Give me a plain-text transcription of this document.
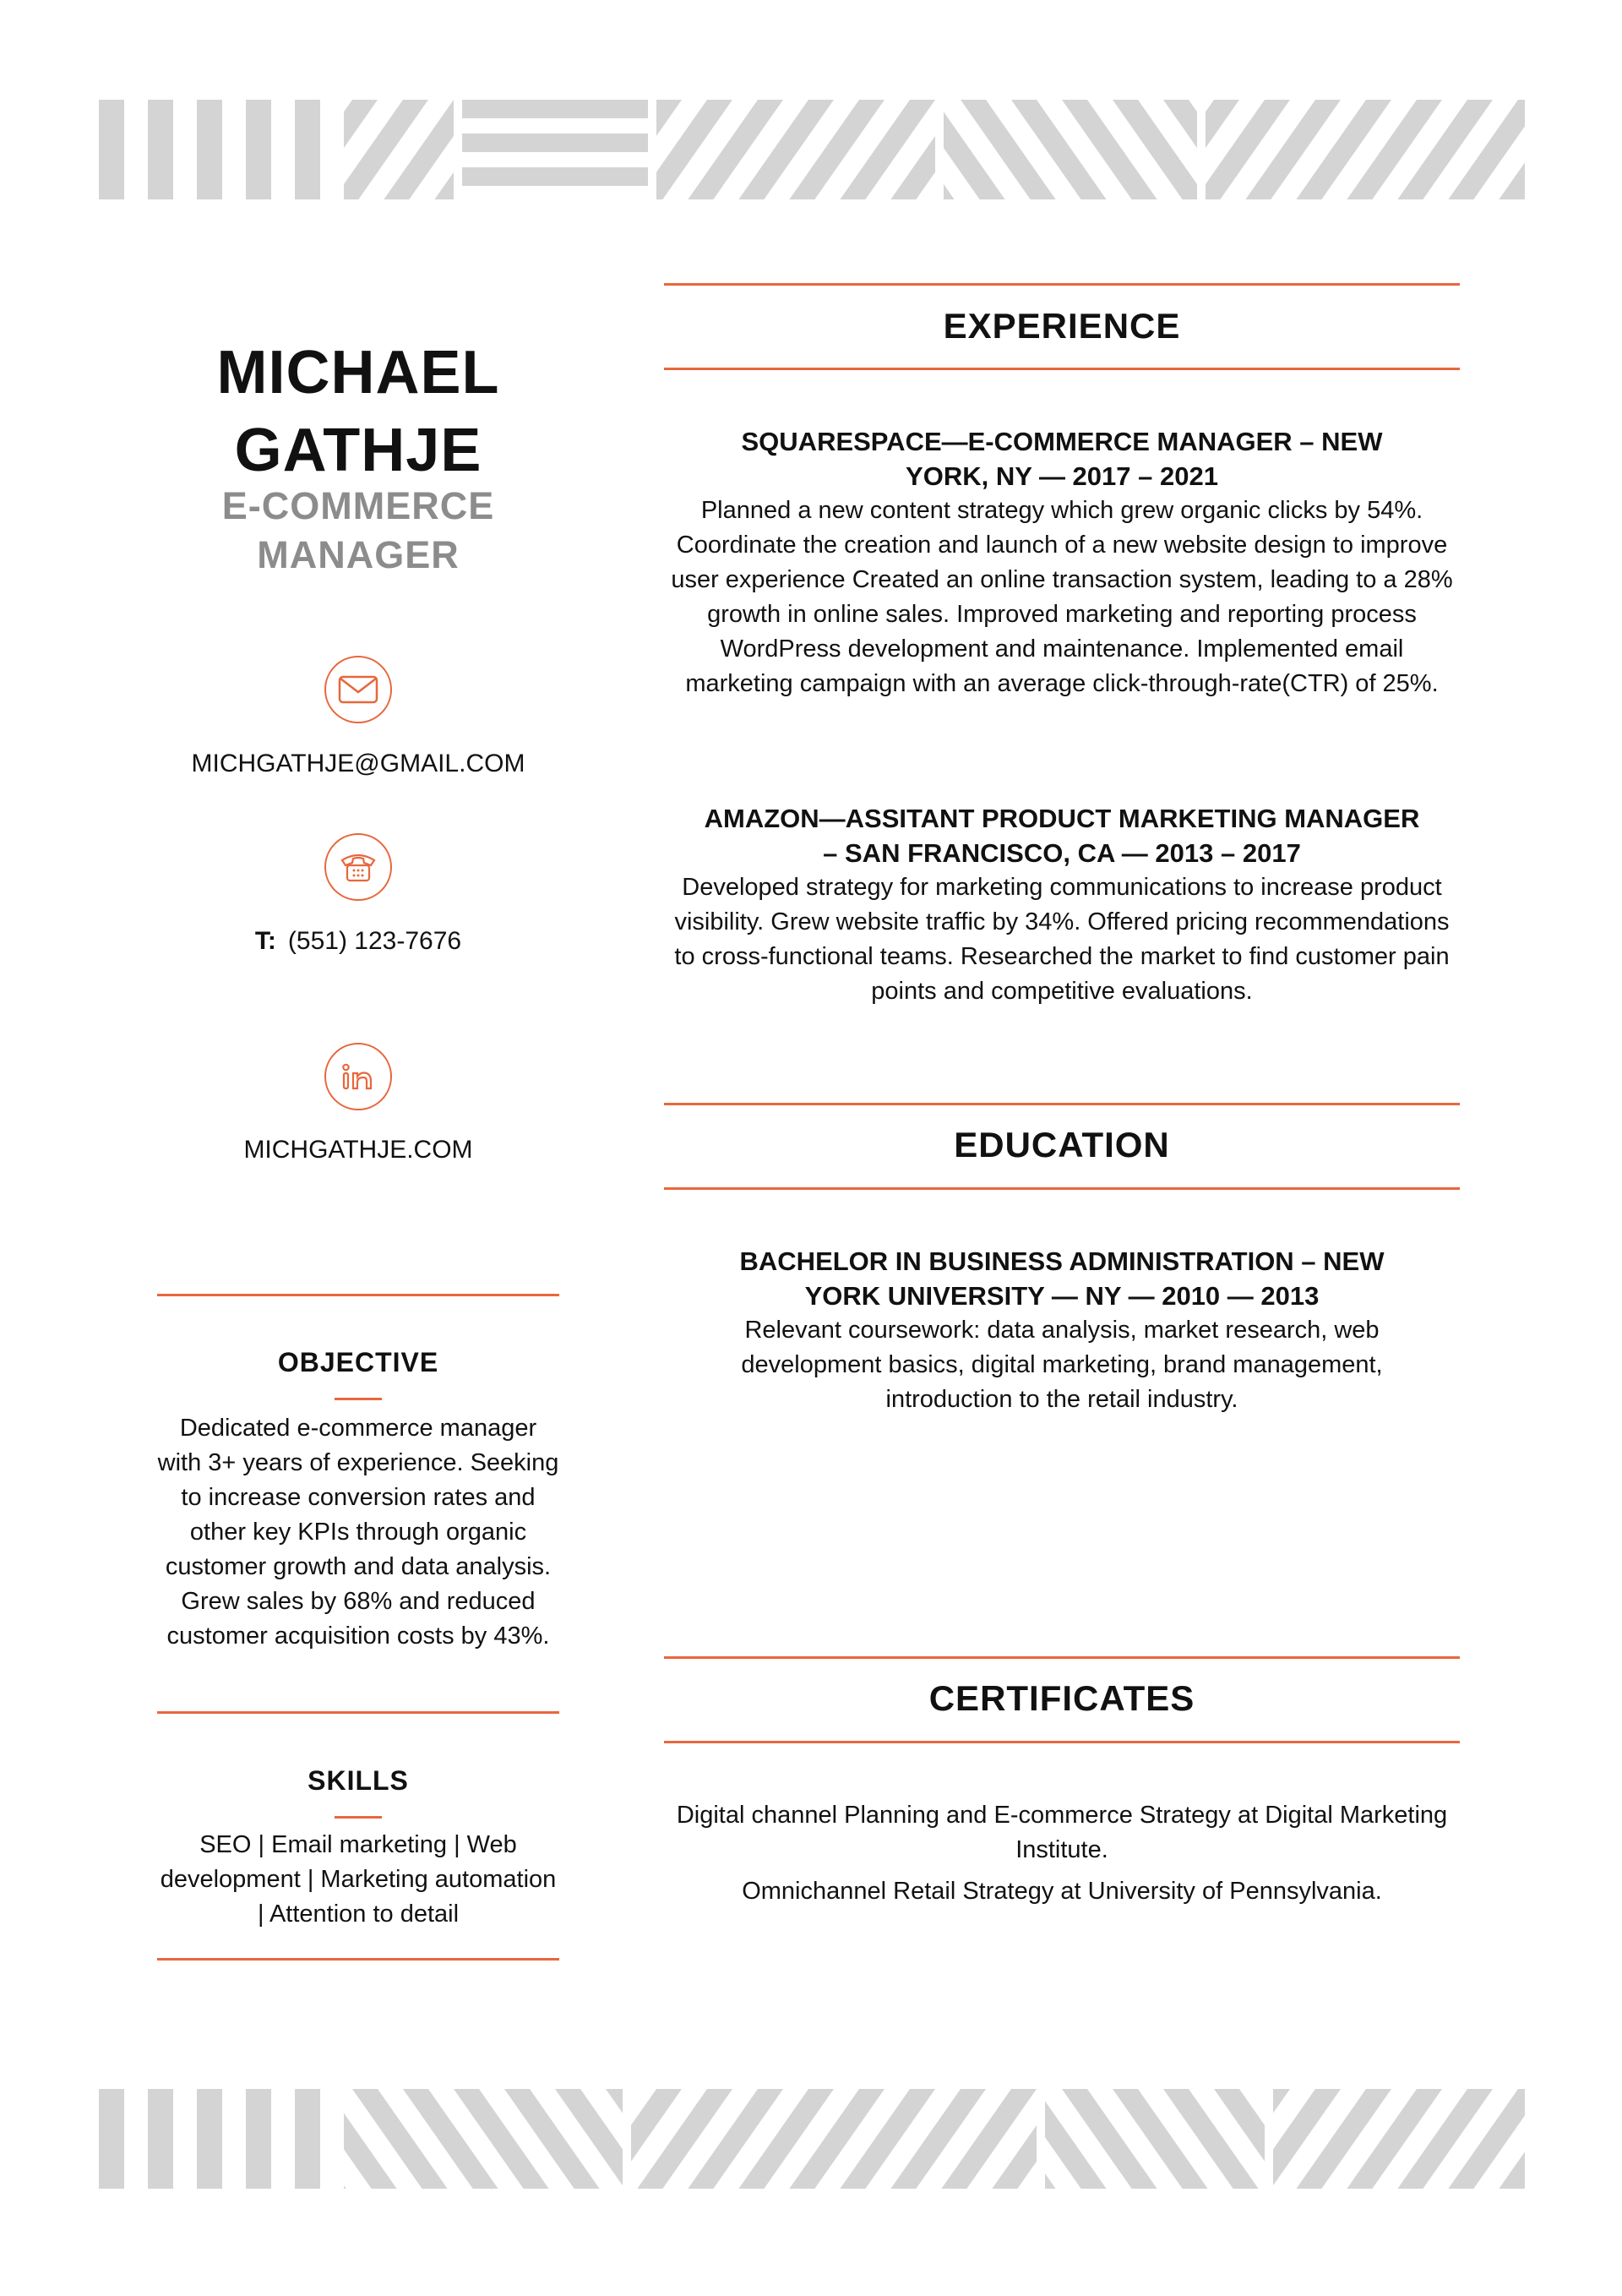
MICHAEL GATHJE
E-COMMERCE MANAGER
MICHGATHJE@GMAIL.COM
T: (551) 123-7676
MICHGATHJE.COM
OBJECTIVE
Dedicated e-commerce manager with 3+ years of experience. Seeking to increase conversion rates and other key KPIs through organic customer growth and data analysis. Grew sales by 68% and reduced customer acquisition costs by 43%.
SKILLS
SEO | Email marketing | Web development | Marketing automation | Attention to detail
EXPERIENCE
SQUARESPACE—E-COMMERCE MANAGER – NEW YORK, NY — 2017 – 2021
Planned a new content strategy which grew organic clicks by 54%. Coordinate the creation and launch of a new website design to improve user experience Created an online transaction system, leading to a 28% growth in online sales. Improved marketing and reporting process WordPress development and maintenance. Implemented email marketing campaign with an average click-through-rate(CTR) of 25%.
AMAZON—ASSITANT PRODUCT MARKETING MANAGER – SAN FRANCISCO, CA — 2013 – 2017
Developed strategy for marketing communications to increase product visibility. Grew website traffic by 34%. Offered pricing recommendations to cross-functional teams. Researched the market to find customer pain points and competitive evaluations.
EDUCATION
BACHELOR IN BUSINESS ADMINISTRATION – NEW YORK UNIVERSITY — NY — 2010 — 2013
Relevant coursework: data analysis, market research, web development basics, digital marketing, brand management, introduction to the retail industry.
CERTIFICATES
Digital channel Planning and E-commerce Strategy at Digital Marketing Institute.
Omnichannel Retail Strategy at University of Pennsylvania.
